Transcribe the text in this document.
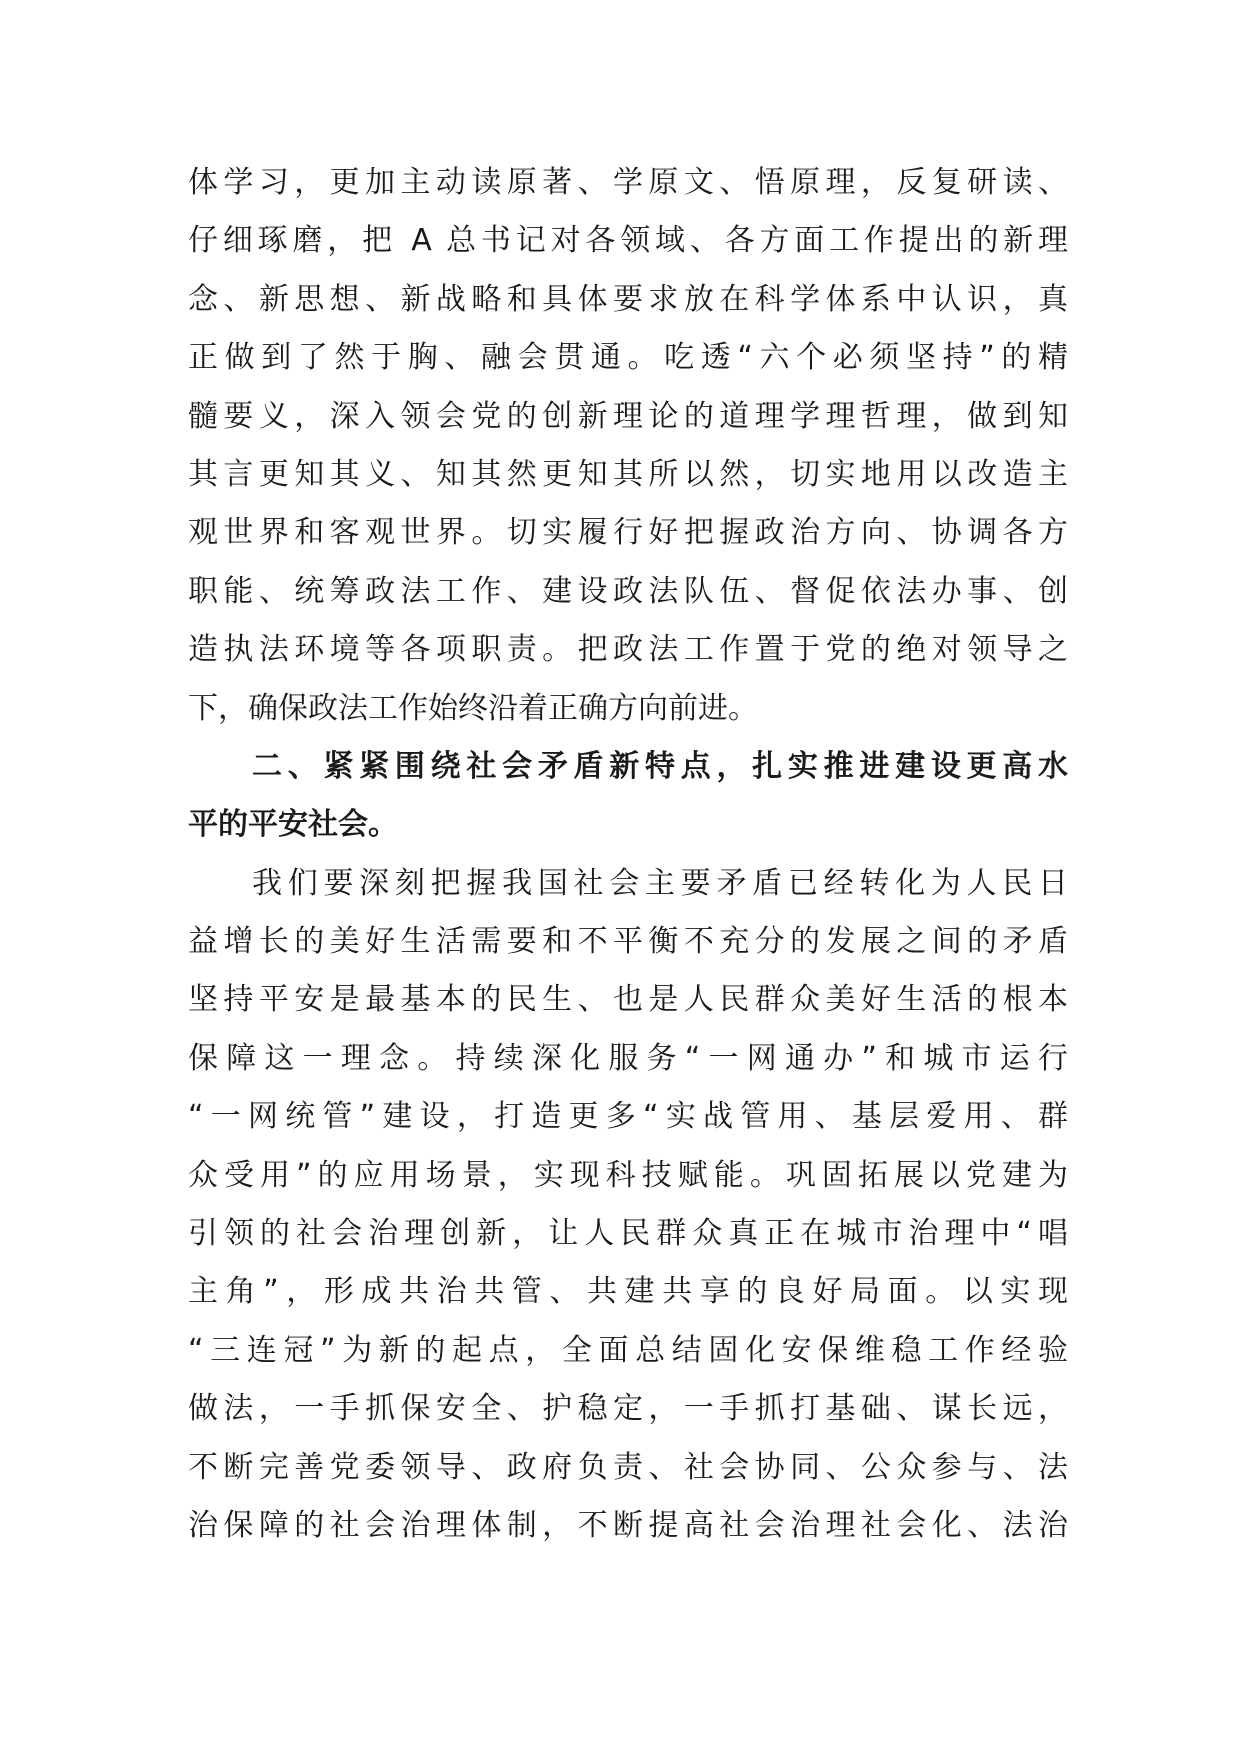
体学习，更加主动读原著、学原文、悟原理，反复研读、
仔细琢磨，把 A 总书记对各领域、各方面工作提出的新理
念、新思想、新战略和具体要求放在科学体系中认识，真
正做到了然于胸、融会贯通。吃透“六个必须坚持”的精
髓要义，深入领会党的创新理论的道理学理哲理，做到知
其言更知其义、知其然更知其所以然，切实地用以改造主
观世界和客观世界。切实履行好把握政治方向、协调各方
职能、统筹政法工作、建设政法队伍、督促依法办事、创
造执法环境等各项职责。把政法工作置于党的绝对领导之
下，确保政法工作始终沿着正确方向前进。
二、紧紧围绕社会矛盾新特点，扎实推进建设更高水
平的平安社会。
我们要深刻把握我国社会主要矛盾已经转化为人民日
益增长的美好生活需要和不平衡不充分的发展之间的矛盾
坚持平安是最基本的民生、也是人民群众美好生活的根本
保障这一理念。持续深化服务“一网通办”和城市运行
“一网统管”建设，打造更多“实战管用、基层爱用、群
众受用”的应用场景，实现科技赋能。巩固拓展以党建为
引领的社会治理创新，让人民群众真正在城市治理中“唱
主角”，形成共治共管、共建共享的良好局面。以实现
“三连冠”为新的起点，全面总结固化安保维稳工作经验
做法，一手抓保安全、护稳定，一手抓打基础、谋长远，
不断完善党委领导、政府负责、社会协同、公众参与、法
治保障的社会治理体制，不断提高社会治理社会化、法治
